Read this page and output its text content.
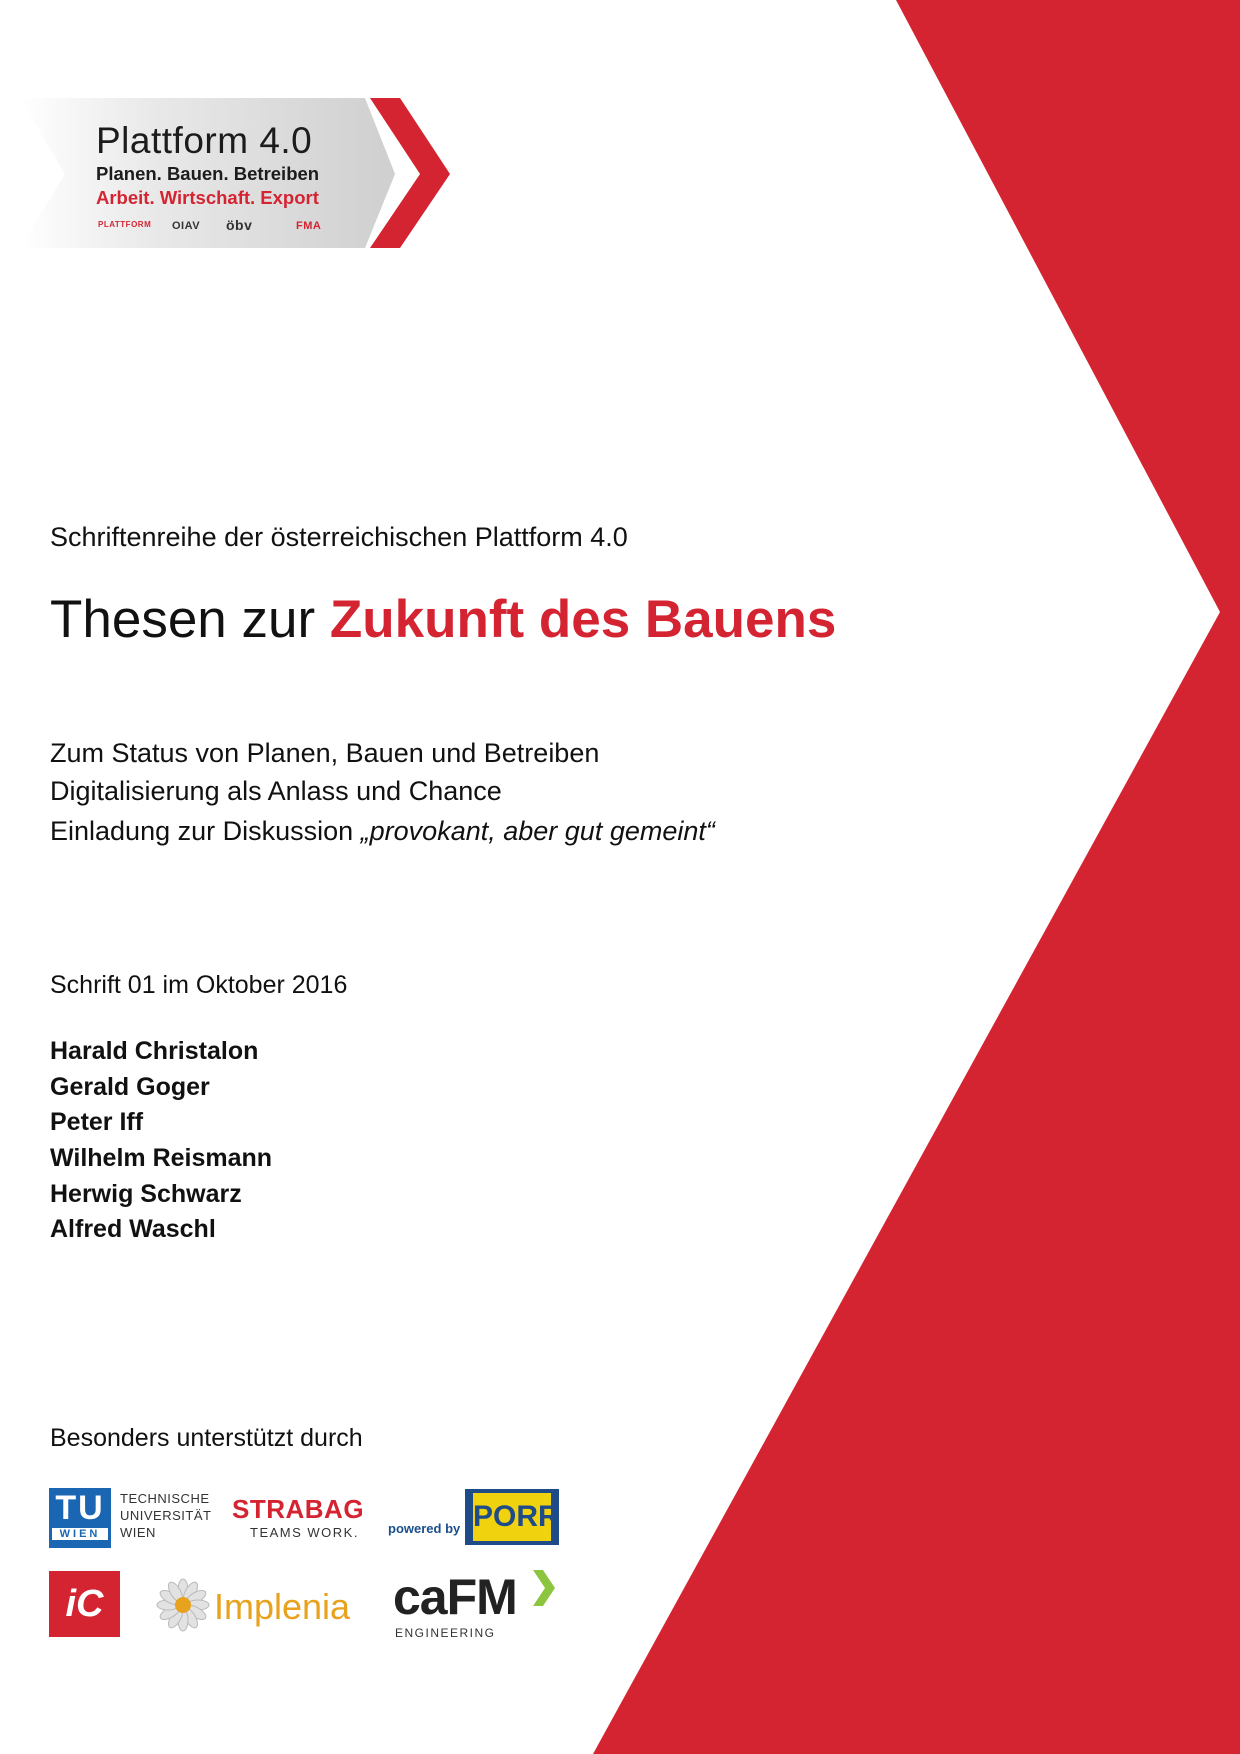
Plattform 4.0
Planen. Bauen. Betreiben
Arbeit. Wirtschaft. Export
PLATTFORM OIAV öbv	FMA
Schriftenreihe der österreichischen Plattform 4.0
Thesen zur Zukunft des Bauens
Zum Status von Planen, Bauen und Betreiben
Digitalisierung als Anlass und Chance
Einladung zur Diskussion „provokant, aber gut gemeint“
Schrift 01 im Oktober 2016
Harald Christalon
Gerald Goger
Peter Iff
Wilhelm Reismann
Herwig Schwarz
Alfred Waschl
Besonders unterstützt durch
TU
WIEN
TECHNISCHE
UNIVERSITÄT
WIEN
STRABAG
TEAMS WORK.	powered by PORR
iC	Implenia caFM
ENGINEERING
